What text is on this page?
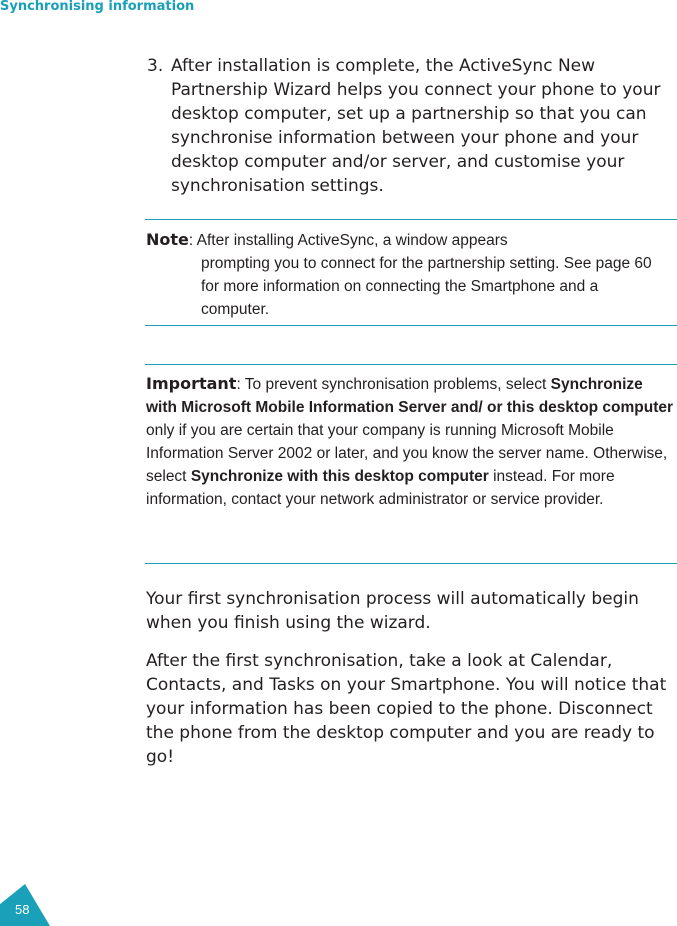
Synchronising information
3. After installation is complete, the ActiveSync New Partnership Wizard helps you connect your phone to your desktop computer, set up a partnership so that you can synchronise information between your phone and your desktop computer and/or server, and customise your synchronisation settings.
Note: After installing ActiveSync, a window appears
prompting you to connect for the partnership setting. See page 60 for more information on connecting the Smartphone and a computer.
Important: To prevent synchronisation problems, select Synchronize with Microsoft Mobile Information Server and/ or this desktop computer only if you are certain that your company is running Microsoft Mobile Information Server 2002 or later, and you know the server name. Otherwise, select Synchronize with this desktop computer instead. For more information, contact your network administrator or service provider.
Your first synchronisation process will automatically begin when you finish using the wizard.
After the first synchronisation, take a look at Calendar, Contacts, and Tasks on your Smartphone. You will notice that your information has been copied to the phone. Disconnect the phone from the desktop computer and you are ready to go!
58
